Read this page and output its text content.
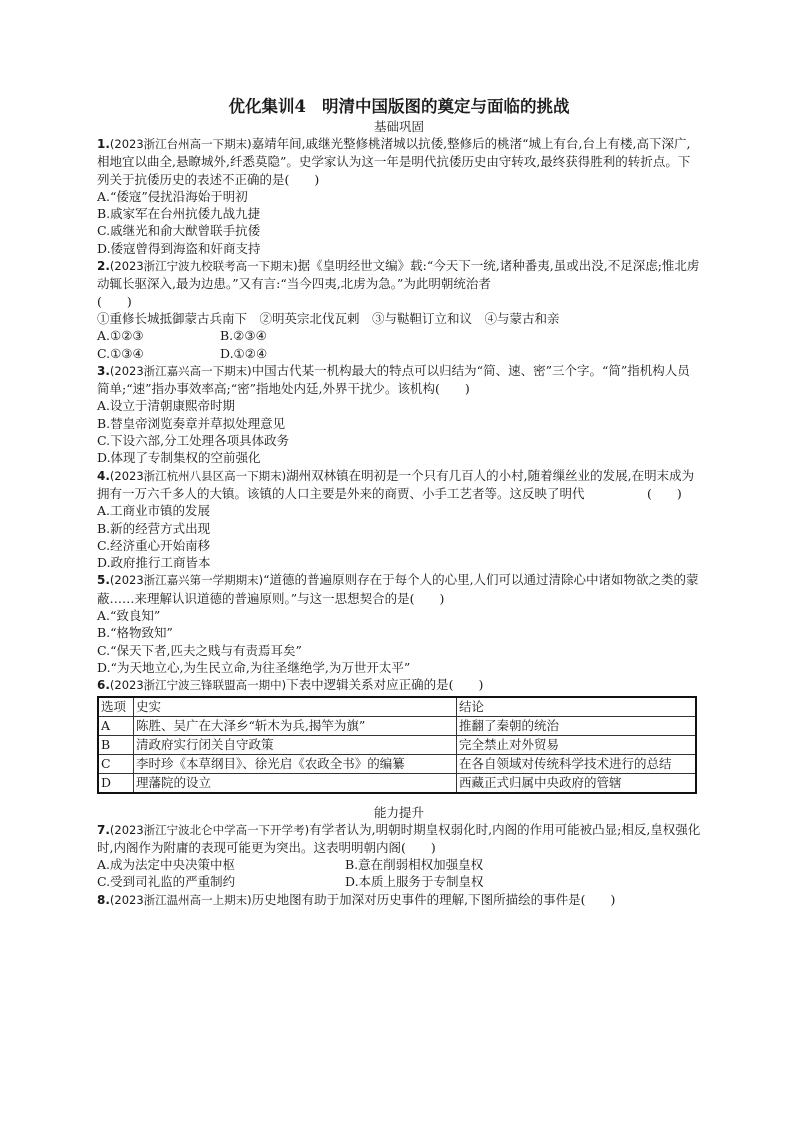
优化集训4 明清中国版图的奠定与面临的挑战
基础巩固

1.(2023浙江台州高一下期末)嘉靖年间,戚继光整修桃渚城以抗倭,整修后的桃渚“城上有台,台上有楼,高下深广,相地宜以曲全,悬瞭城外,纤悉莫隐”。史学家认为这一年是明代抗倭历史由守转攻,最终获得胜利的转折点。下列关于抗倭历史的表述不正确的是(　　)

A.“倭寇”侵扰沿海始于明初

B.戚家军在台州抗倭九战九捷

C.戚继光和俞大猷曾联手抗倭

D.倭寇曾得到海盗和奸商支持

2.(2023浙江宁波九校联考高一下期末)据《皇明经世文编》载:“今天下一统,诸种番夷,虽或出没,不足深虑;惟北虏动辄长驱深入,最为边患。”又有言:“当今四夷,北虏为急。”为此明朝统治者

(　　)

①重修长城抵御蒙古兵南下　②明英宗北伐瓦剌　③与鞑靼订立和议　④与蒙古和亲

A.①②③	B.②③④

C.①③④	D.①②④

3.(2023浙江嘉兴高一下期末)中国古代某一机构最大的特点可以归结为“简、速、密”三个字。“简”指机构人员简单;“速”指办事效率高;“密”指地处内廷,外界干扰少。该机构(　　)

A.设立于清朝康熙帝时期

B.替皇帝浏览奏章并草拟处理意见

C.下设六部,分工处理各项具体政务

D.体现了专制集权的空前强化

4.(2023浙江杭州八县区高一下期末)湖州双林镇在明初是一个只有几百人的小村,随着缫丝业的发展,在明末成为拥有一万六千多人的大镇。该镇的人口主要是外来的商贾、小手工艺者等。这反映了明代　　　　　(　　)

A.工商业市镇的发展

B.新的经营方式出现

C.经济重心开始南移

D.政府推行工商皆本

5.(2023浙江嘉兴第一学期期末)“道德的普遍原则存在于每个人的心里,人们可以通过清除心中诸如物欲之类的蒙蔽……来理解认识道德的普遍原则。”与这一思想契合的是(　　)

A.“致良知”

B.“格物致知”

C.“保天下者,匹夫之贱与有责焉耳矣”

D.“为天地立心,为生民立命,为往圣继绝学,为万世开太平”

6.(2023浙江宁波三锋联盟高一期中)下表中逻辑关系对应正确的是(　　)

选项	史实	结论
A	陈胜、吴广在大泽乡“斩木为兵,揭竿为旗”	推翻了秦朝的统治
B	清政府实行闭关自守政策	完全禁止对外贸易
C	李时珍《本草纲目》、徐光启《农政全书》的编纂	在各自领域对传统科学技术进行的总结
D	理藩院的设立	西藏正式归属中央政府的管辖
能力提升

7.(2023浙江宁波北仑中学高一下开学考)有学者认为,明朝时期皇权弱化时,内阁的作用可能被凸显;相反,皇权强化时,内阁作为附庸的表现可能更为突出。这表明明朝内阁(　　)

A.成为法定中央决策中枢	B.意在削弱相权加强皇权

C.受到司礼监的严重制约	D.本质上服务于专制皇权

8.(2023浙江温州高一上期末)历史地图有助于加深对历史事件的理解,下图所描绘的事件是(　　)
